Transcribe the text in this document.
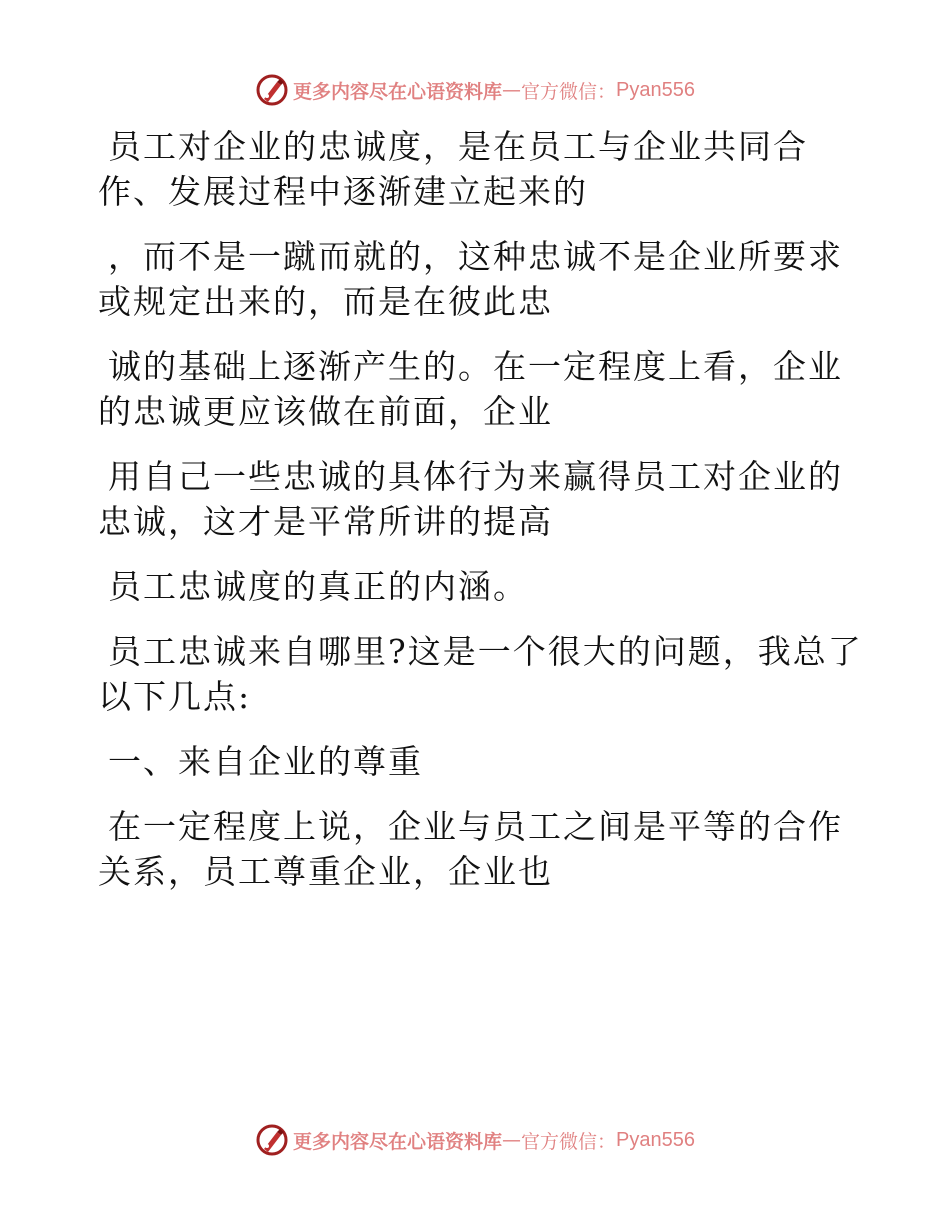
更多内容尽在心语资料库 — 官方微信： Pyan556
员工对企业的忠诚度，是在员工与企业共同合
作、发展过程中逐渐建立起来的
，而不是一蹴而就的，这种忠诚不是企业所要求
或规定出来的，而是在彼此忠
诚的基础上逐渐产生的。在一定程度上看，企业
的忠诚更应该做在前面，企业
用自己一些忠诚的具体行为来赢得员工对企业的
忠诚，这才是平常所讲的提高
员工忠诚度的真正的内涵。
员工忠诚来自哪里?这是一个很大的问题，我总了
以下几点:
一、来自企业的尊重
在一定程度上说，企业与员工之间是平等的合作
关系，员工尊重企业，企业也
更多内容尽在心语资料库 — 官方微信： Pyan556
